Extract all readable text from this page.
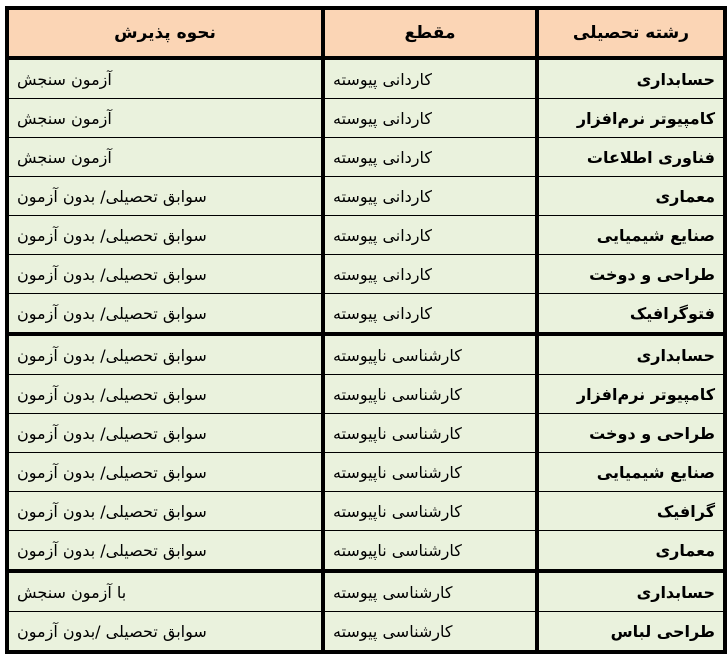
رشته تحصیلی	مقطع	نحوه پذیرش
حسابداری	کاردانی پیوسته	آزمون سنجش
کامپیوتر نرم‌افزار	کاردانی پیوسته	آزمون سنجش
فناوری اطلاعات	کاردانی پیوسته	آزمون سنجش
معماری	کاردانی پیوسته	سوابق تحصیلی/ بدون آزمون
صنایع شیمیایی	کاردانی پیوسته	سوابق تحصیلی/ بدون آزمون
طراحی و دوخت	کاردانی پیوسته	سوابق تحصیلی/ بدون آزمون
فتوگرافیک	کاردانی پیوسته	سوابق تحصیلی/ بدون آزمون
حسابداری	کارشناسی ناپیوسته	سوابق تحصیلی/ بدون آزمون
کامپیوتر نرم‌افزار	کارشناسی ناپیوسته	سوابق تحصیلی/ بدون آزمون
طراحی و دوخت	کارشناسی ناپیوسته	سوابق تحصیلی/ بدون آزمون
صنایع شیمیایی	کارشناسی ناپیوسته	سوابق تحصیلی/ بدون آزمون
گرافیک	کارشناسی ناپیوسته	سوابق تحصیلی/ بدون آزمون
معماری	کارشناسی ناپیوسته	سوابق تحصیلی/ بدون آزمون
حسابداری	کارشناسی پیوسته	با آزمون سنجش
طراحی لباس	کارشناسی پیوسته	سوابق تحصیلی /بدون آزمون
